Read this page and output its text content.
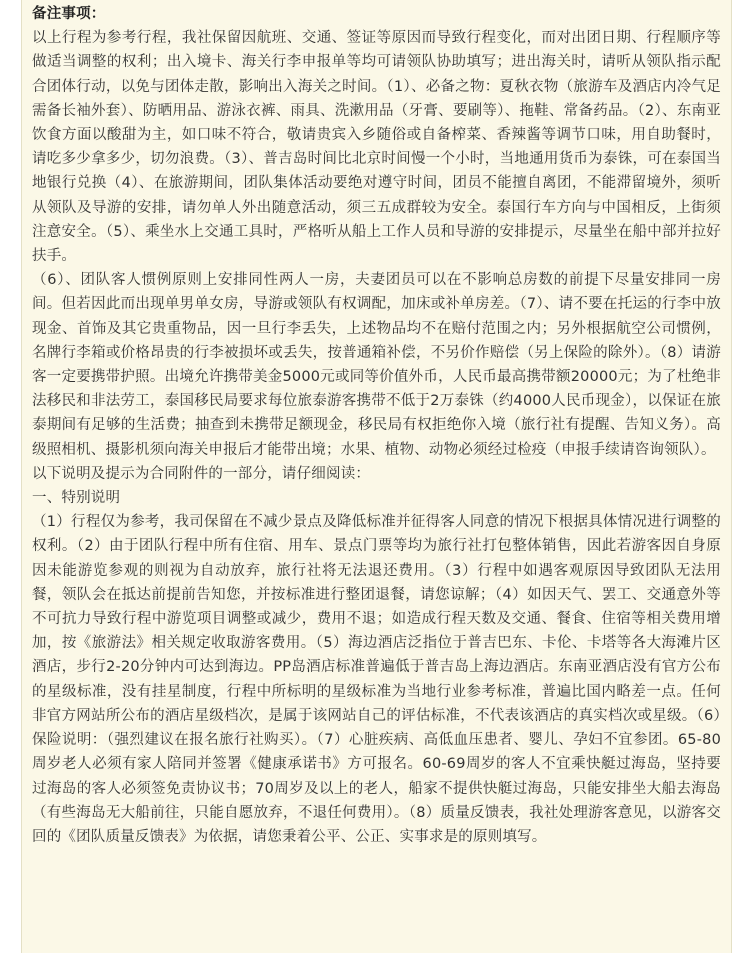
备注事项：

以上行程为参考行程，我社保留因航班、交通、签证等原因而导致行程变化，而对出团日期、行程顺序等做适当调整的权利；出入境卡、海关行李申报单等均可请领队协助填写；进出海关时，请听从领队指示配合团体行动，以免与团体走散，影响出入海关之时间。（1）、必备之物：夏秋衣物（旅游车及酒店内冷气足需备长袖外套）、防晒用品、游泳衣裤、雨具、洗漱用品（牙膏、要刷等）、拖鞋、常备药品。（2）、东南亚饮食方面以酸甜为主，如口味不符合，敬请贵宾入乡随俗或自备榨菜、香辣酱等调节口味，用自助餐时，请吃多少拿多少，切勿浪费。（3）、普吉岛时间比北京时间慢一个小时，当地通用货币为泰铢，可在泰国当地银行兑换（4）、在旅游期间，团队集体活动要绝对遵守时间，团员不能擅自离团，不能滞留境外，须听从领队及导游的安排，请勿单人外出随意活动，须三五成群较为安全。泰国行车方向与中国相反，上街须注意安全。（5）、乘坐水上交通工具时，严格听从船上工作人员和导游的安排提示，尽量坐在船中部并拉好扶手。

（6）、团队客人惯例原则上安排同性两人一房，夫妻团员可以在不影响总房数的前提下尽量安排同一房间。但若因此而出现单男单女房，导游或领队有权调配，加床或补单房差。（7）、请不要在托运的行李中放现金、首饰及其它贵重物品，因一旦行李丢失，上述物品均不在赔付范围之内；另外根据航空公司惯例，名牌行李箱或价格昂贵的行李被损坏或丢失，按普通箱补偿，不另价作赔偿（另上保险的除外）。（8）请游客一定要携带护照。出境允许携带美金5000元或同等价值外币，人民币最高携带额20000元；为了杜绝非法移民和非法劳工，泰国移民局要求每位旅泰游客携带不低于2万泰铢（约4000人民币现金），以保证在旅泰期间有足够的生活费；抽查到未携带足额现金，移民局有权拒绝你入境（旅行社有提醒、告知义务）。高级照相机、摄影机须向海关申报后才能带出境；水果、植物、动物必须经过检疫（申报手续请咨询领队）。

以下说明及提示为合同附件的一部分，请仔细阅读：

一、特别说明

（1）行程仅为参考，我司保留在不减少景点及降低标准并征得客人同意的情况下根据具体情况进行调整的权利。（2）由于团队行程中所有住宿、用车、景点门票等均为旅行社打包整体销售，因此若游客因自身原因未能游览参观的则视为自动放弃，旅行社将无法退还费用。（3）行程中如遇客观原因导致团队无法用餐，领队会在抵达前提前告知您，并按标准进行整团退餐，请您谅解；（4）如因天气、罢工、交通意外等不可抗力导致行程中游览项目调整或减少，费用不退；如造成行程天数及交通、餐食、住宿等相关费用增加，按《旅游法》相关规定收取游客费用。（5）海边酒店泛指位于普吉巴东、卡伦、卡塔等各大海滩片区酒店，步行2-20分钟内可达到海边。PP岛酒店标准普遍低于普吉岛上海边酒店。东南亚酒店没有官方公布的星级标准，没有挂星制度，行程中所标明的星级标准为当地行业参考标准，普遍比国内略差一点。任何非官方网站所公布的酒店星级档次，是属于该网站自己的评估标准，不代表该酒店的真实档次或星级。（6）保险说明：（强烈建议在报名旅行社购买）。（7）心脏疾病、高低血压患者、婴儿、孕妇不宜参团。65-80周岁老人必须有家人陪同并签署《健康承诺书》方可报名。60-69周岁的客人不宜乘快艇过海岛，坚持要过海岛的客人必须签免责协议书；70周岁及以上的老人，船家不提供快艇过海岛，只能安排坐大船去海岛（有些海岛无大船前往，只能自愿放弃，不退任何费用）。（8）质量反馈表，我社处理游客意见，以游客交回的《团队质量反馈表》为依据，请您秉着公平、公正、实事求是的原则填写。
